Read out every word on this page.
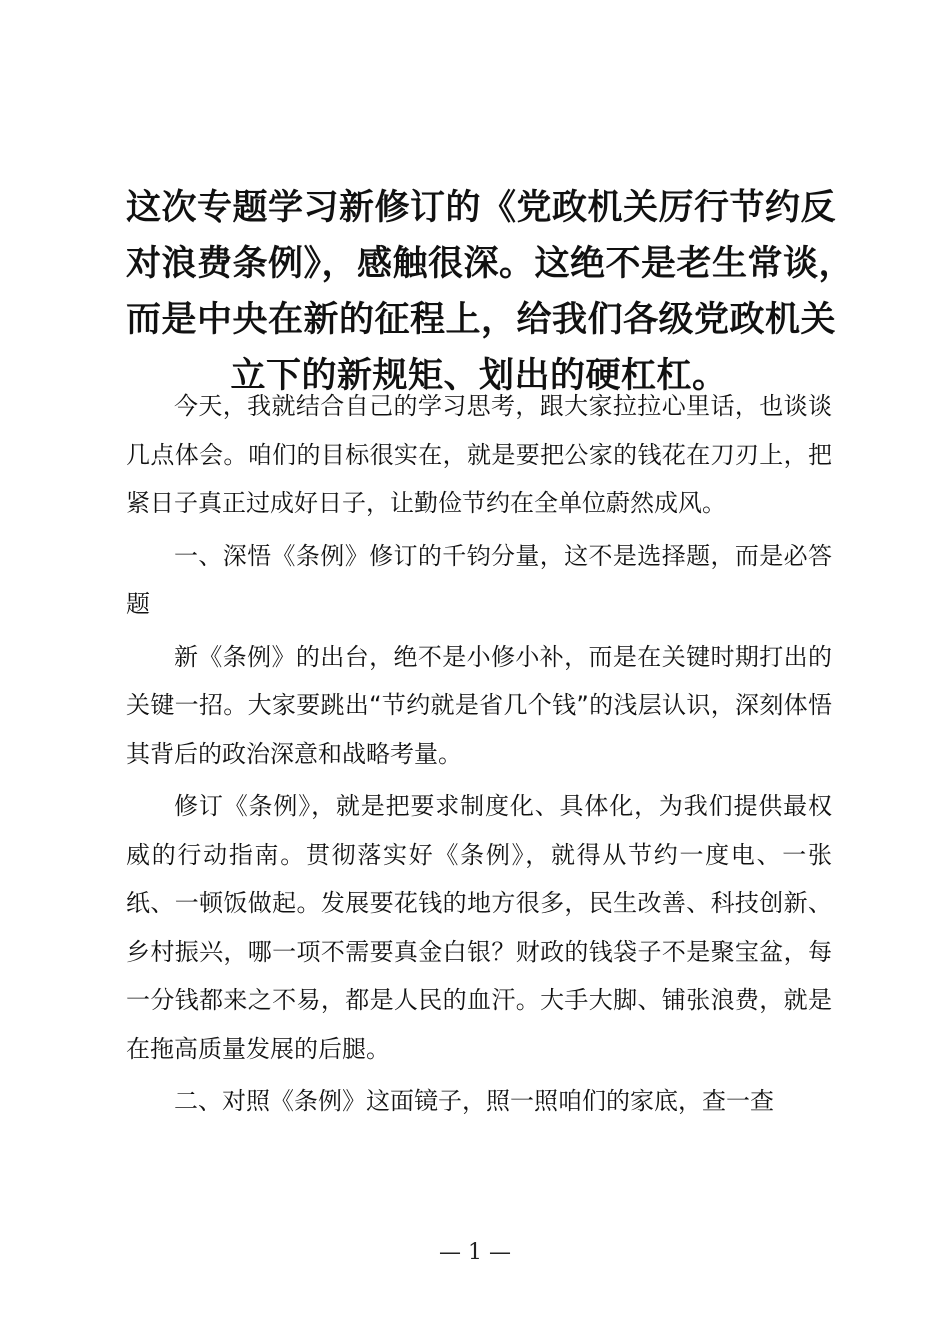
这次专题学习新修订的《党政机关厉行节约反
对浪费条例》，感触很深。这绝不是老生常谈，
而是中央在新的征程上，给我们各级党政机关
立下的新规矩、划出的硬杠杠。

今天，我就结合自己的学习思考，跟大家拉拉心里话，也谈谈几点体会。咱们的目标很实在，就是要把公家的钱花在刀刃上，把紧日子真正过成好日子，让勤俭节约在全单位蔚然成风。

一、深悟《条例》修订的千钧分量，这不是选择题，而是必答题

新《条例》的出台，绝不是小修小补，而是在关键时期打出的关键一招。大家要跳出“节约就是省几个钱”的浅层认识，深刻体悟其背后的政治深意和战略考量。

修订《条例》，就是把要求制度化、具体化，为我们提供最权威的行动指南。贯彻落实好《条例》，就得从节约一度电、一张纸、一顿饭做起。发展要花钱的地方很多，民生改善、科技创新、乡村振兴，哪一项不需要真金白银？财政的钱袋子不是聚宝盆，每一分钱都来之不易，都是人民的血汗。大手大脚、铺张浪费，就是在拖高质量发展的后腿。

二、对照《条例》这面镜子，照一照咱们的家底，查一查

— 1 —
